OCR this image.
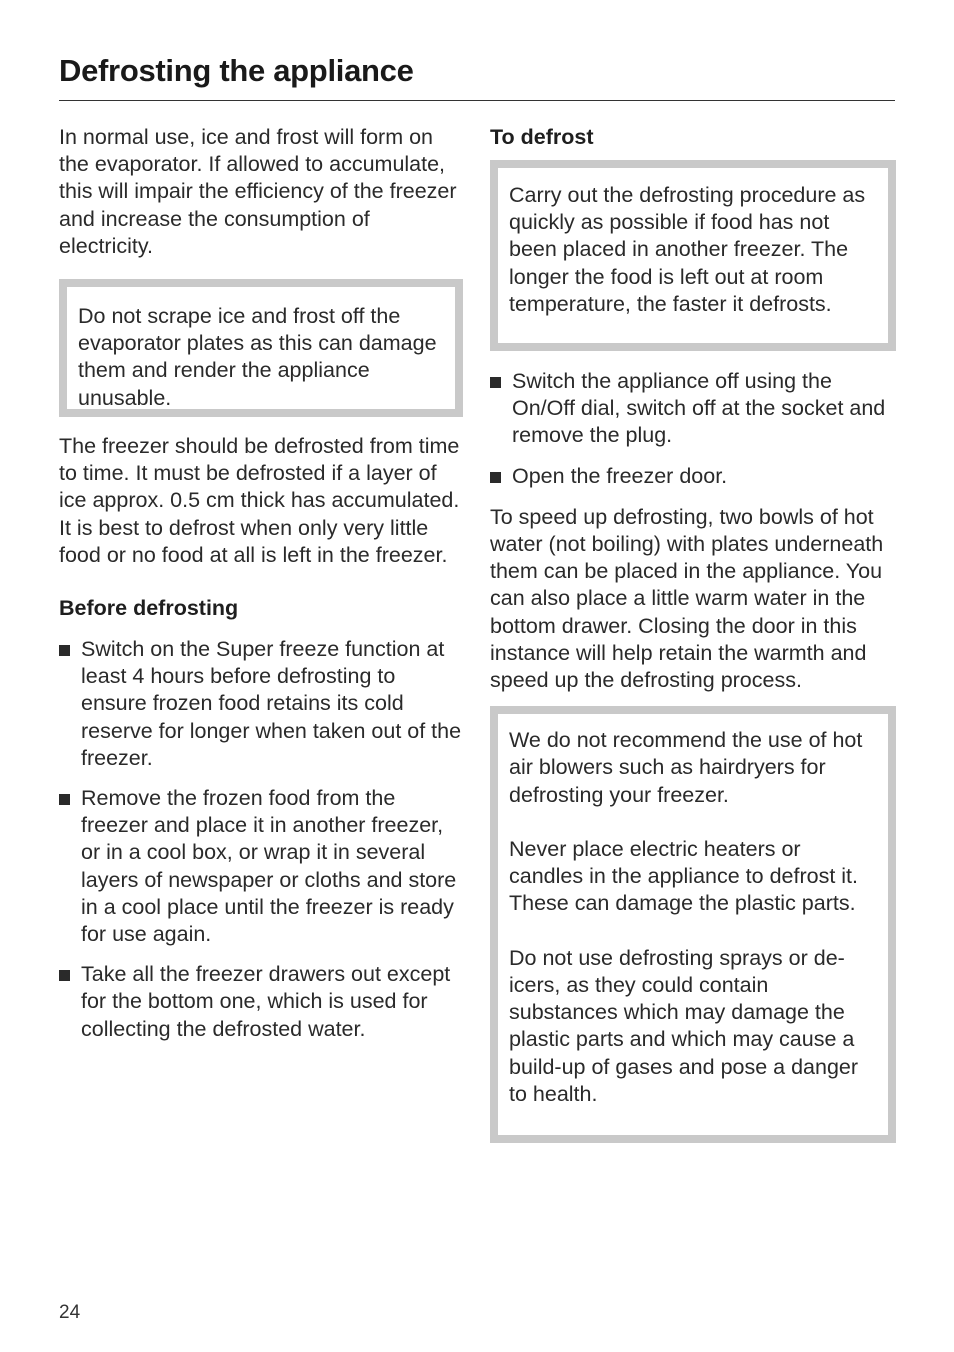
Defrosting the appliance

In normal use, ice and frost will form on the evaporator. If allowed to accumulate, this will impair the efficiency of the freezer and increase the consumption of electricity.

Do not scrape ice and frost off the evaporator plates as this can damage them and render the appliance unusable.

The freezer should be defrosted from time to time. It must be defrosted if a layer of ice approx. 0.5 cm thick has accumulated. It is best to defrost when only very little food or no food at all is left in the freezer.

Before defrosting

Switch on the Super freeze function at least 4 hours before defrosting to ensure frozen food retains its cold reserve for longer when taken out of the freezer.
Remove the frozen food from the freezer and place it in another freezer, or in a cool box, or wrap it in several layers of newspaper or cloths and store in a cool place until the freezer is ready for use again.
Take all the freezer drawers out except for the bottom one, which is used for collecting the defrosted water.

To defrost

Carry out the defrosting procedure as quickly as possible if food has not been placed in another freezer. The longer the food is left out at room temperature, the faster it defrosts.

Switch the appliance off using the On/Off dial, switch off at the socket and remove the plug.
Open the freezer door.

To speed up defrosting, two bowls of hot water (not boiling) with plates underneath them can be placed in the appliance. You can also place a little warm water in the bottom drawer. Closing the door in this instance will help retain the warmth and speed up the defrosting process.

We do not recommend the use of hot air blowers such as hairdryers for defrosting your freezer.

Never place electric heaters or candles in the appliance to defrost it. These can damage the plastic parts.

Do not use defrosting sprays or de-icers, as they could contain substances which may damage the plastic parts and which may cause a build-up of gases and pose a danger to health.

24
